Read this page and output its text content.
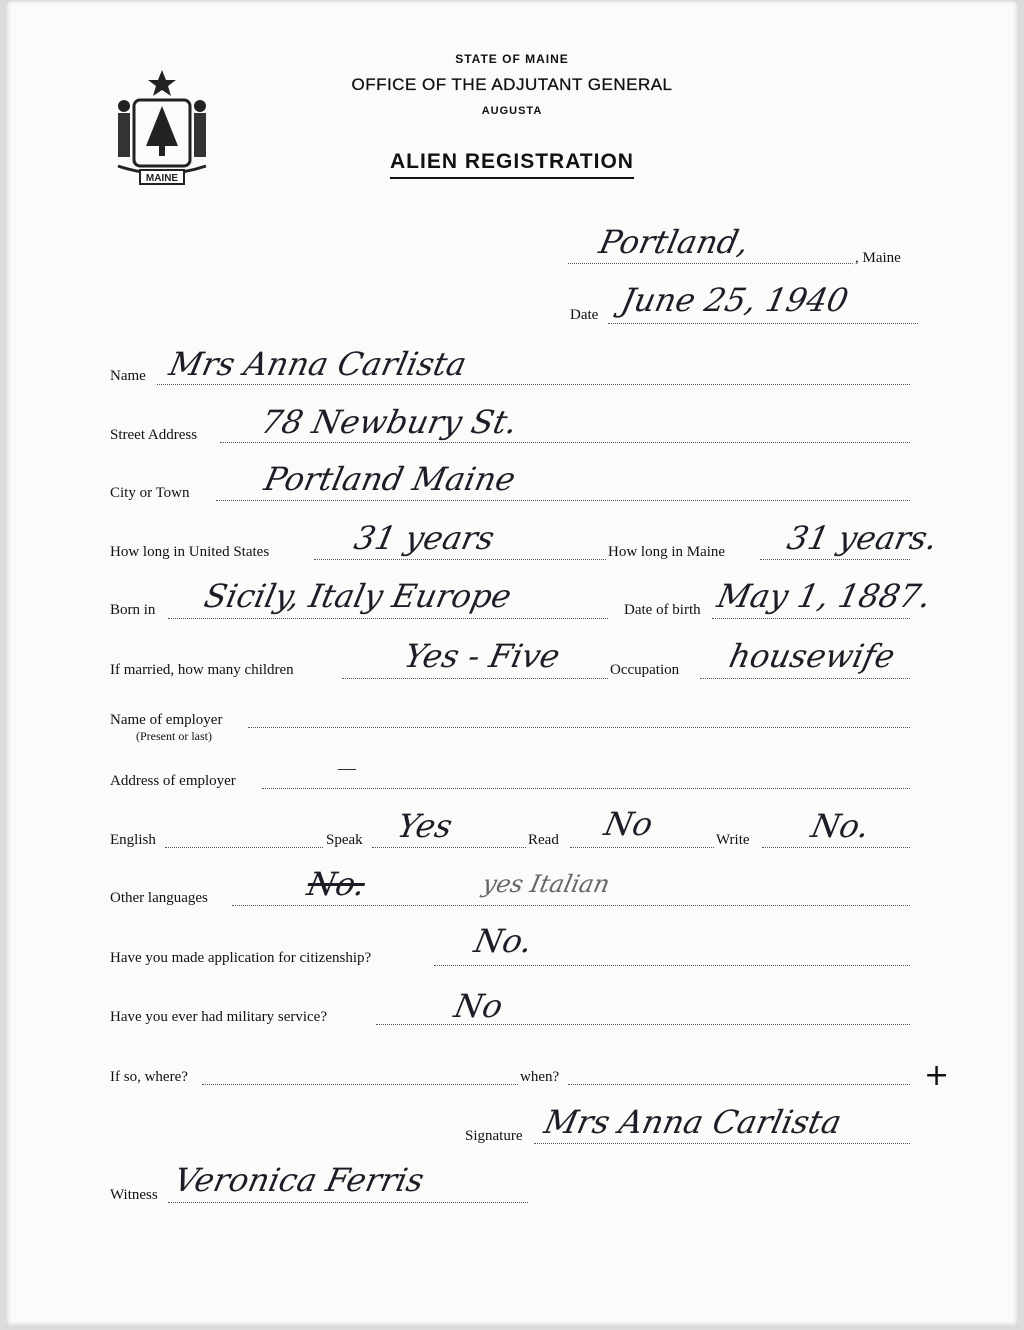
MAINE
STATE OF MAINE
OFFICE OF THE ADJUTANT GENERAL
AUGUSTA
ALIEN REGISTRATION
Portland,	, Maine
Date June 25, 1940
Name Mrs Anna Carlista
Street Address 78 Newbury St.
City or Town Portland Maine
How long in United States	31 years	How long in Maine 31 years.
Born in Sicily, Italy Europe	Date of birth May 1, 1887.
If married, how many children	Yes - Five	Occupation housewife
Name of employer
(Present or last)
Address of employer
—
English	Speak Yes	Read No	Write No.
Other languages	No.	yes Italian
Have you made application for citizenship?	No.
Have you ever had military service?	No
If so, where?	when?	+
Signature Mrs Anna Carlista
Witness Veronica Ferris
